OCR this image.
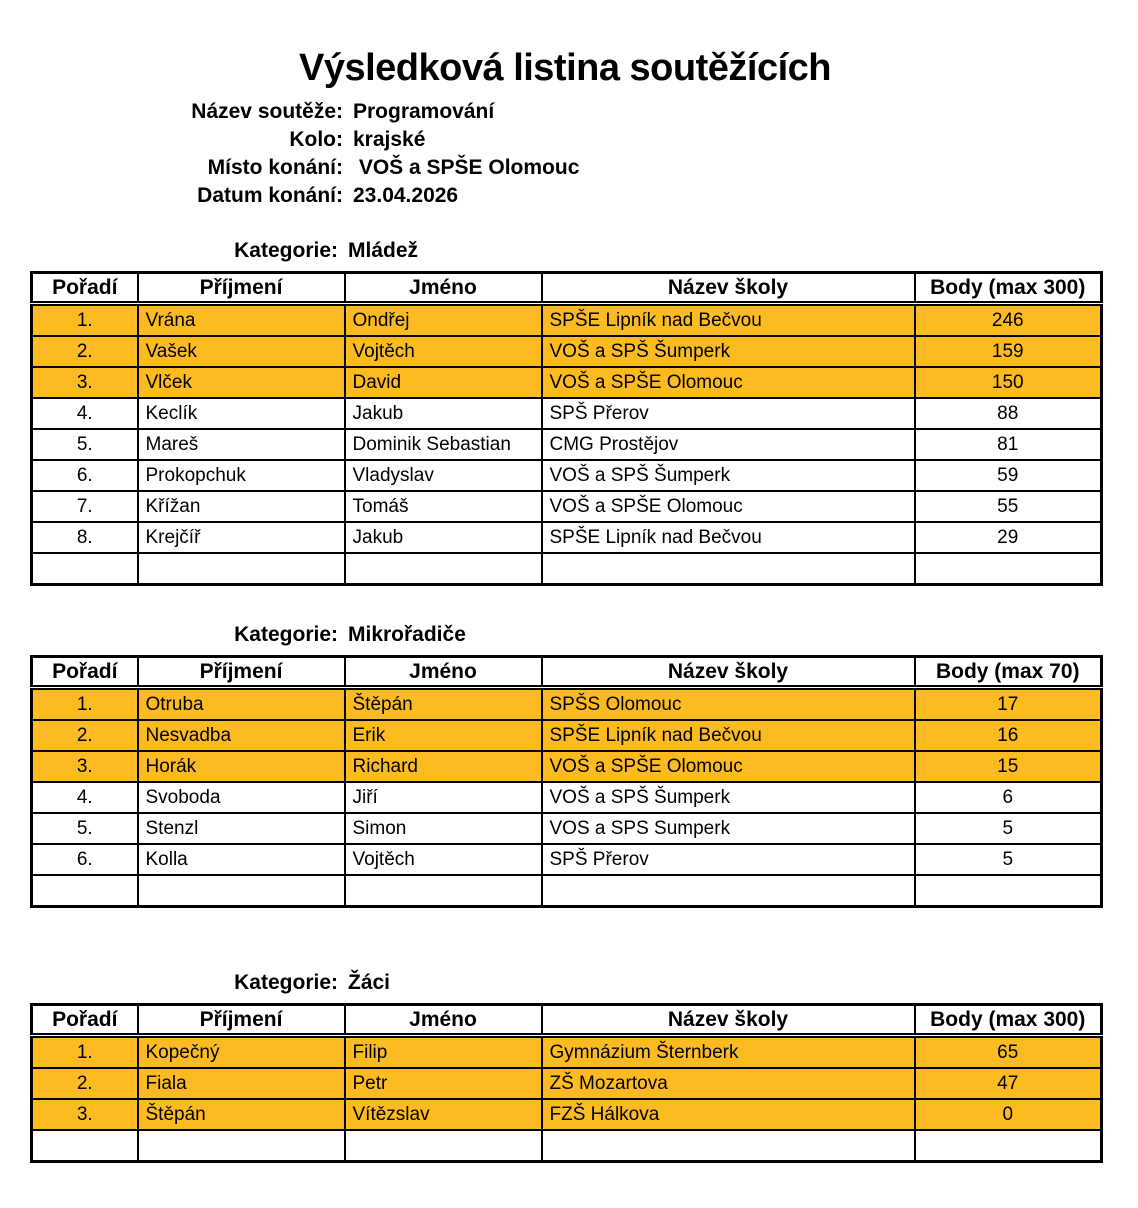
Výsledková listina soutěžících
Název soutěže: Programování
Kolo: krajské
Místo konání: VOŠ a SPŠE Olomouc
Datum konání: 23.04.2026
Kategorie: Mládež
Pořadí	Příjmení	Jméno	Název školy	Body (max 300)
1.	Vrána	Ondřej	SPŠE Lipník nad Bečvou	246
2.	Vašek	Vojtěch	VOŠ a SPŠ Šumperk	159
3.	Vlček	David	VOŠ a SPŠE Olomouc	150
4.	Keclík	Jakub	SPŠ Přerov	88
5.	Mareš	Dominik Sebastian	CMG Prostějov	81
6.	Prokopchuk	Vladyslav	VOŠ a SPŠ Šumperk	59
7.	Křížan	Tomáš	VOŠ a SPŠE Olomouc	55
8.	Krejčíř	Jakub	SPŠE Lipník nad Bečvou	29

Kategorie: Mikrořadiče
Pořadí	Příjmení	Jméno	Název školy	Body (max 70)
1.	Otruba	Štěpán	SPŠS Olomouc	17
2.	Nesvadba	Erik	SPŠE Lipník nad Bečvou	16
3.	Horák	Richard	VOŠ a SPŠE Olomouc	15
4.	Svoboda	Jiří	VOŠ a SPŠ Šumperk	6
5.	Stenzl	Simon	VOS a SPS Sumperk	5
6.	Kolla	Vojtěch	SPŠ Přerov	5

Kategorie: Žáci
Pořadí	Příjmení	Jméno	Název školy	Body (max 300)
1.	Kopečný	Filip	Gymnázium Šternberk	65
2.	Fiala	Petr	ZŠ Mozartova	47
3.	Štěpán	Vítězslav	FZŠ Hálkova	0
